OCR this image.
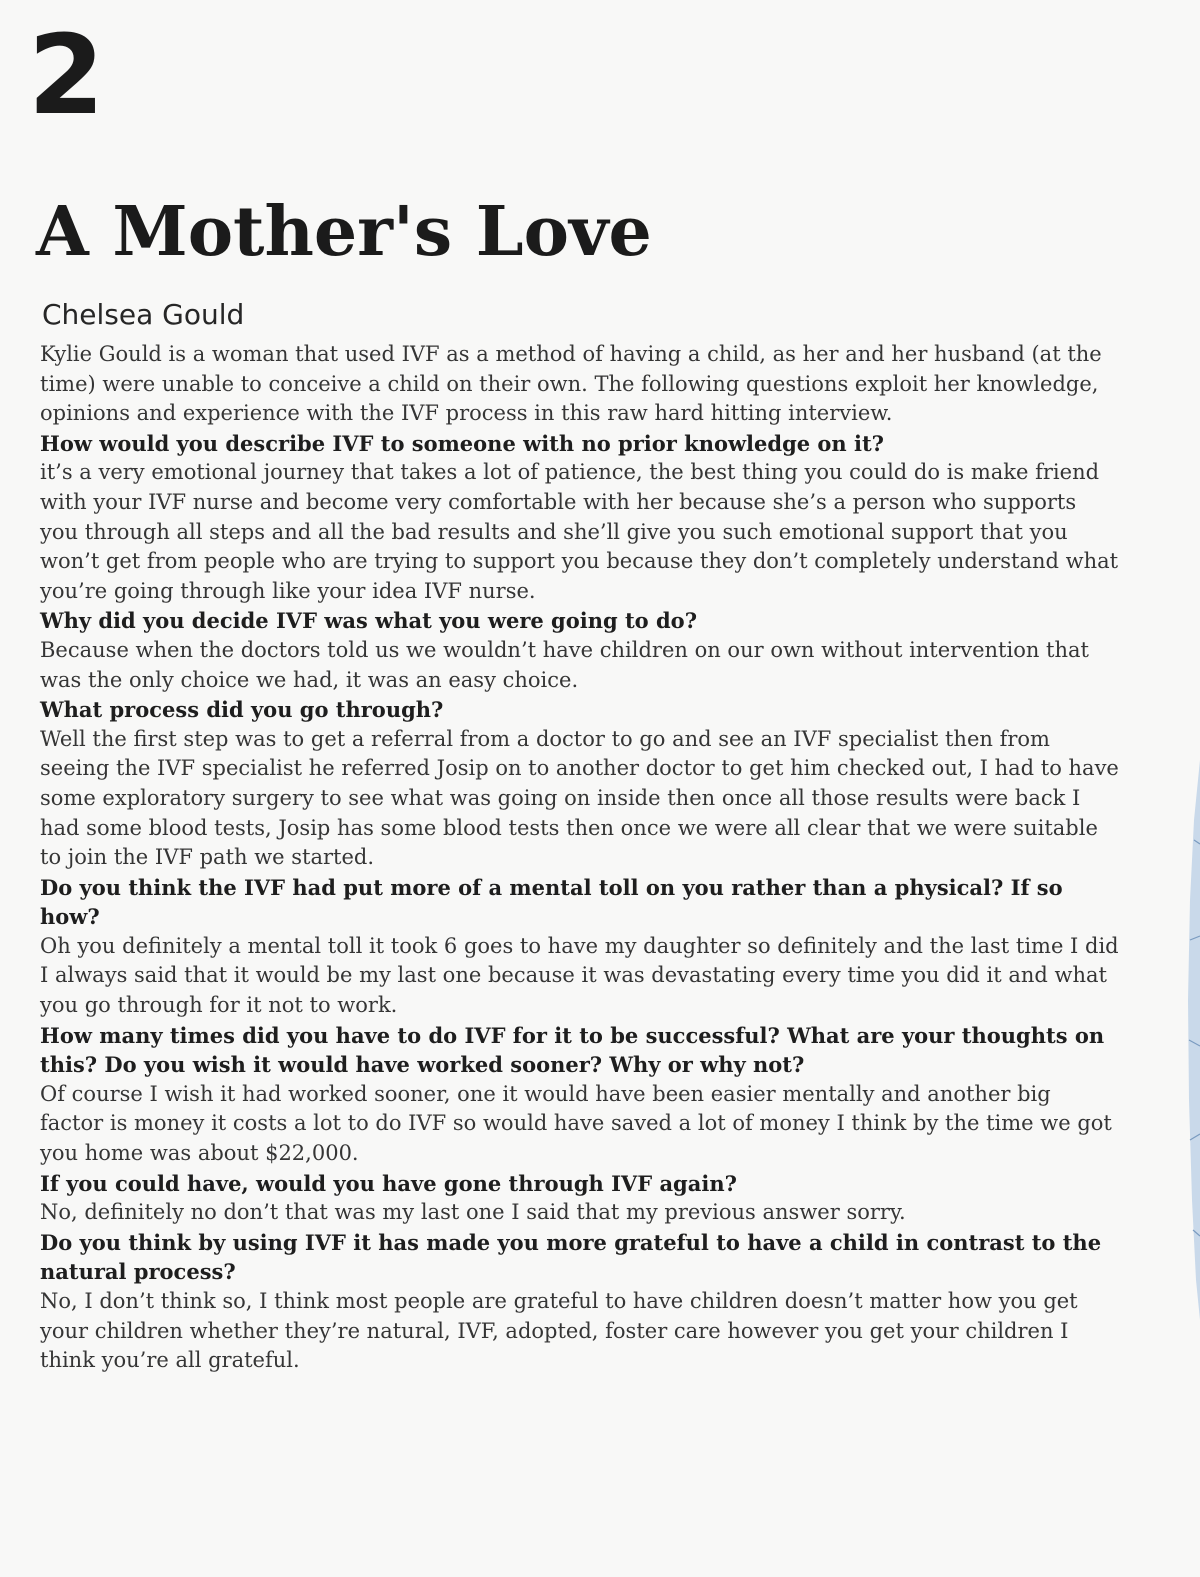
2
A Mother's Love
Chelsea Gould

Kylie Gould is a woman that used IVF as a method of having a child, as her and her husband (at the time) were unable to conceive a child on their own. The following questions exploit her knowledge, opinions and experience with the IVF process in this raw hard hitting interview.

How would you describe IVF to someone with no prior knowledge on it?

it’s a very emotional journey that takes a lot of patience, the best thing you could do is make friend with your IVF nurse and become very comfortable with her because she’s a person who supports you through all steps and all the bad results and she’ll give you such emotional support that you won’t get from people who are trying to support you because they don’t completely understand what you’re going through like your idea IVF nurse.

Why did you decide IVF was what you were going to do?

Because when the doctors told us we wouldn’t have children on our own without intervention that was the only choice we had, it was an easy choice.

What process did you go through?

Well the first step was to get a referral from a doctor to go and see an IVF specialist then from seeing the IVF specialist he referred Josip on to another doctor to get him checked out, I had to have some exploratory surgery to see what was going on inside then once all those results were back I had some blood tests, Josip has some blood tests then once we were all clear that we were suitable to join the IVF path we started.

Do you think the IVF had put more of a mental toll on you rather than a physical? If so how?

Oh you definitely a mental toll it took 6 goes to have my daughter so definitely and the last time I did I always said that it would be my last one because it was devastating every time you did it and what you go through for it not to work.

How many times did you have to do IVF for it to be successful? What are your thoughts on this? Do you wish it would have worked sooner? Why or why not?

Of course I wish it had worked sooner, one it would have been easier mentally and another big factor is money it costs a lot to do IVF so would have saved a lot of money I think by the time we got you home was about $22,000.

If you could have, would you have gone through IVF again?

No, definitely no don’t that was my last one I said that my previous answer sorry.

Do you think by using IVF it has made you more grateful to have a child in contrast to the natural process?

No, I don’t think so, I think most people are grateful to have children doesn’t matter how you get your children whether they’re natural, IVF, adopted, foster care however you get your children I think you’re all grateful.
